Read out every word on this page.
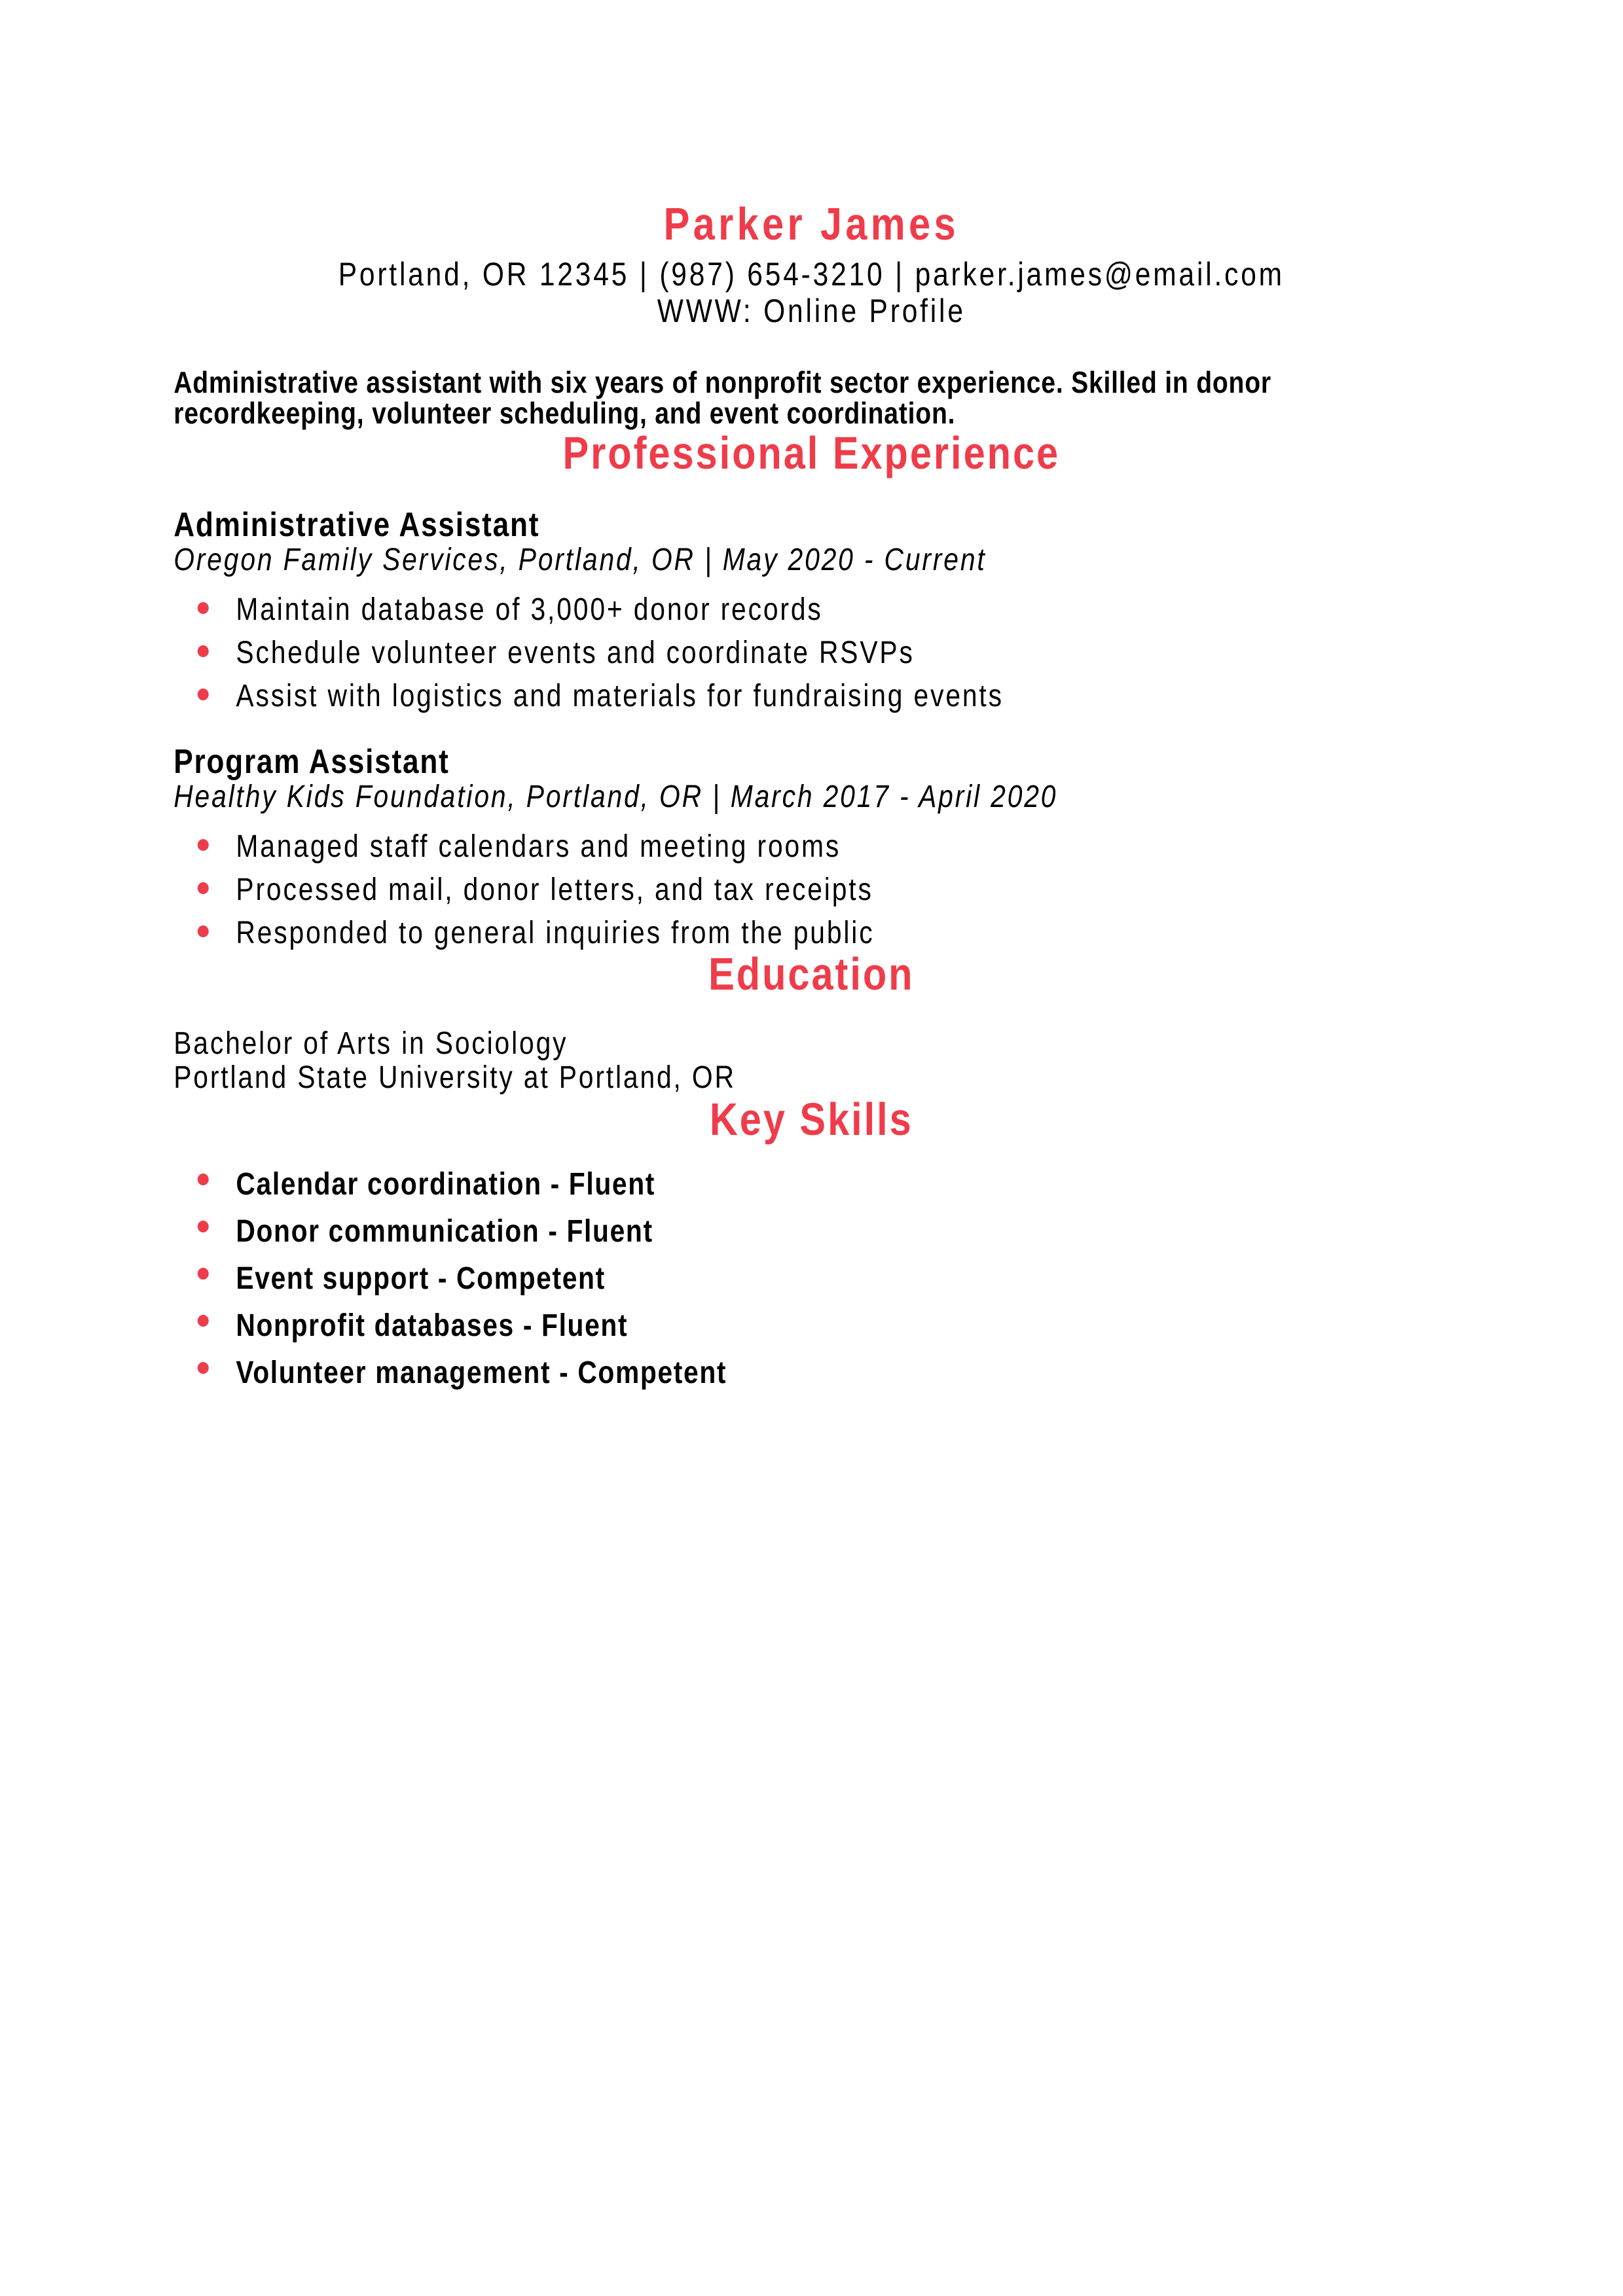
Parker James
Portland, OR 12345 | (987) 654-3210 | parker.james@email.com
WWW: Online Profile

Administrative assistant with six years of nonprofit sector experience. Skilled in donor recordkeeping, volunteer scheduling, and event coordination.

Professional Experience
Administrative Assistant
Oregon Family Services, Portland, OR | May 2020 - Current
Maintain database of 3,000+ donor records
Schedule volunteer events and coordinate RSVPs
Assist with logistics and materials for fundraising events
Program Assistant
Healthy Kids Foundation, Portland, OR | March 2017 - April 2020
Managed staff calendars and meeting rooms
Processed mail, donor letters, and tax receipts
Responded to general inquiries from the public
Education
Bachelor of Arts in Sociology
Portland State University at Portland, OR
Key Skills
Calendar coordination - Fluent
Donor communication - Fluent
Event support - Competent
Nonprofit databases - Fluent
Volunteer management - Competent
